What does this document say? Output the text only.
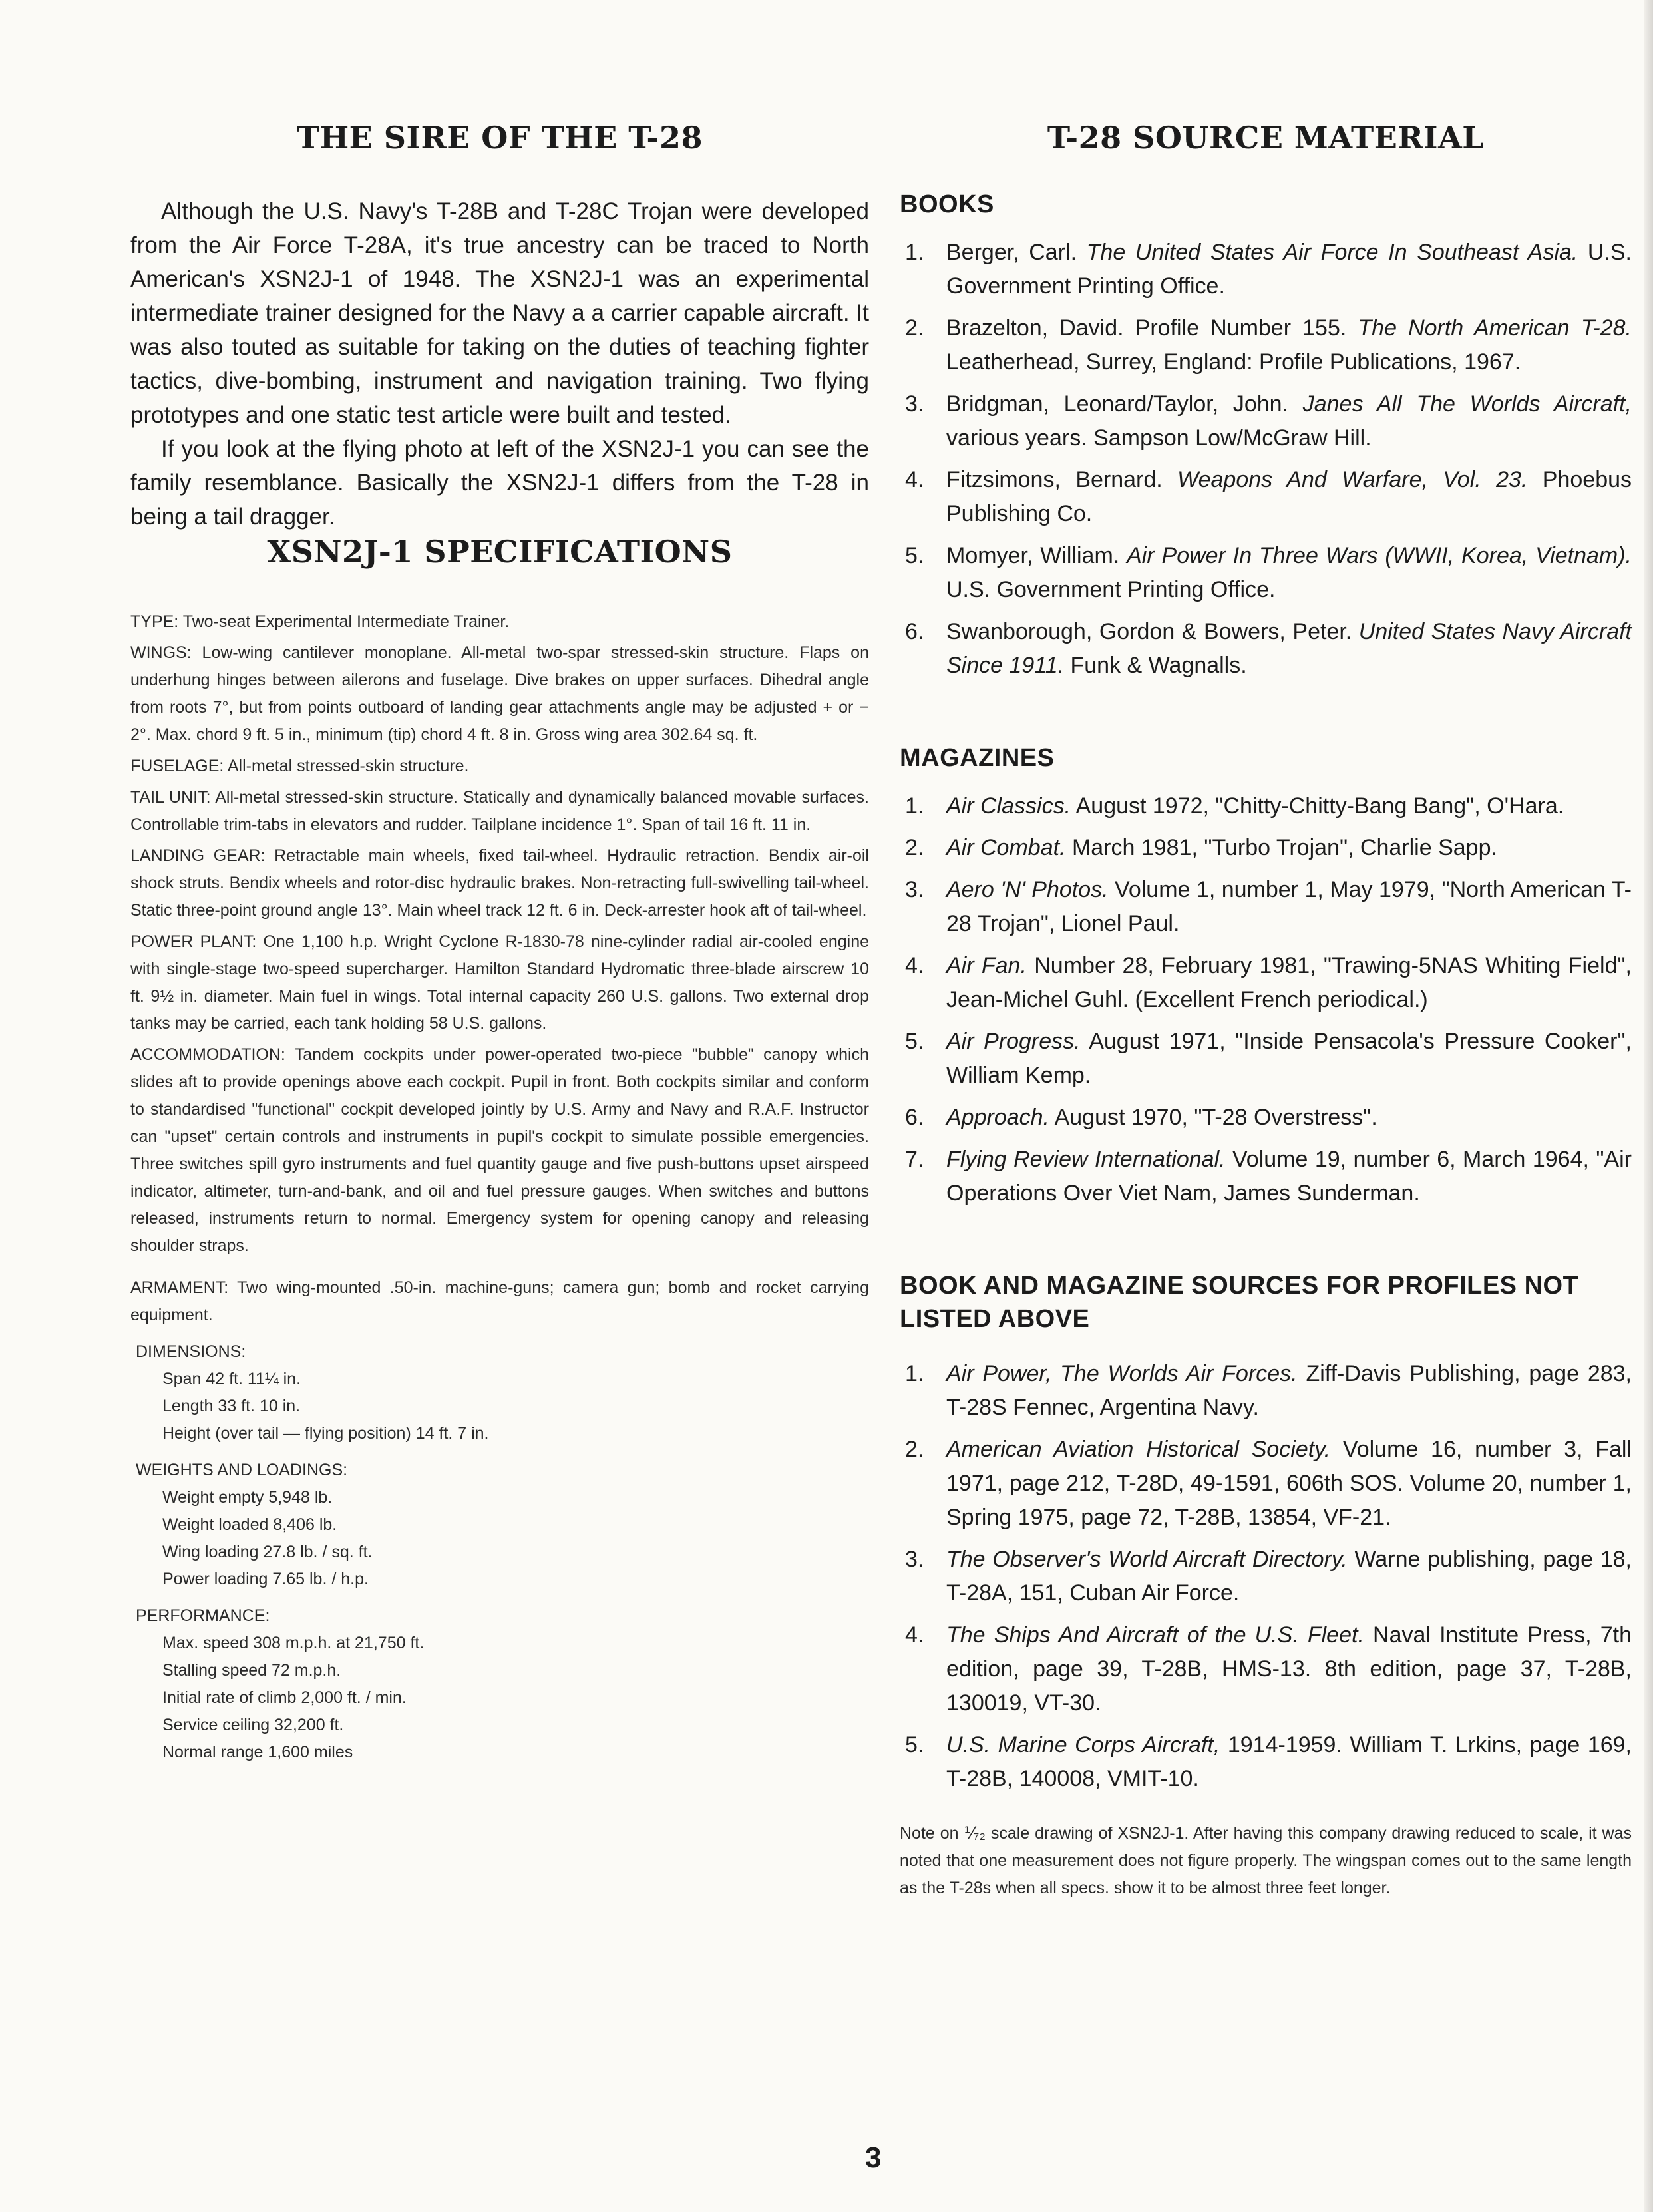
THE SIRE OF THE T-28

Although the U.S. Navy's T-28B and T-28C Trojan were developed from the Air Force T-28A, it's true ancestry can be traced to North American's XSN2J-1 of 1948. The XSN2J-1 was an experimental intermediate trainer designed for the Navy a a carrier capable aircraft. It was also touted as suitable for taking on the duties of teaching fighter tactics, dive-bombing, instrument and navigation training. Two flying prototypes and one static test article were built and tested.

If you look at the flying photo at left of the XSN2J-1 you can see the family resemblance. Basically the XSN2J-1 differs from the T-28 in being a tail dragger.

XSN2J-1 SPECIFICATIONS

TYPE: Two-seat Experimental Intermediate Trainer.

WINGS: Low-wing cantilever monoplane. All-metal two-spar stressed-skin structure. Flaps on underhung hinges between ailerons and fuselage. Dive brakes on upper surfaces. Dihedral angle from roots 7°, but from points outboard of landing gear attachments angle may be adjusted + or − 2°. Max. chord 9 ft. 5 in., minimum (tip) chord 4 ft. 8 in. Gross wing area 302.64 sq. ft.

FUSELAGE: All-metal stressed-skin structure.

TAIL UNIT: All-metal stressed-skin structure. Statically and dynamically balanced movable surfaces. Controllable trim-tabs in elevators and rudder. Tailplane incidence 1°. Span of tail 16 ft. 11 in.

LANDING GEAR: Retractable main wheels, fixed tail-wheel. Hydraulic retraction. Bendix air-oil shock struts. Bendix wheels and rotor-disc hydraulic brakes. Non-retracting full-swivelling tail-wheel. Static three-point ground angle 13°. Main wheel track 12 ft. 6 in. Deck-arrester hook aft of tail-wheel.

POWER PLANT: One 1,100 h.p. Wright Cyclone R-1830-78 nine-cylinder radial air-cooled engine with single-stage two-speed supercharger. Hamilton Standard Hydromatic three-blade airscrew 10 ft. 9½ in. diameter. Main fuel in wings. Total internal capacity 260 U.S. gallons. Two external drop tanks may be carried, each tank holding 58 U.S. gallons.

ACCOMMODATION: Tandem cockpits under power-operated two-piece "bubble" canopy which slides aft to provide openings above each cockpit. Pupil in front. Both cockpits similar and conform to standardised "functional" cockpit developed jointly by U.S. Army and Navy and R.A.F. Instructor can "upset" certain controls and instruments in pupil's cockpit to simulate possible emergencies. Three switches spill gyro instruments and fuel quantity gauge and five push-buttons upset airspeed indicator, altimeter, turn-and-bank, and oil and fuel pressure gauges. When switches and buttons released, instruments return to normal. Emergency system for opening canopy and releasing shoulder straps.

ARMAMENT: Two wing-mounted .50-in. machine-guns; camera gun; bomb and rocket carrying equipment.

DIMENSIONS:

Span 42 ft. 11¼ in.

Length 33 ft. 10 in.

Height (over tail — flying position) 14 ft. 7 in.

WEIGHTS AND LOADINGS:

Weight empty 5,948 lb.

Weight loaded 8,406 lb.

Wing loading 27.8 lb. / sq. ft.

Power loading 7.65 lb. / h.p.

PERFORMANCE:

Max. speed 308 m.p.h. at 21,750 ft.

Stalling speed 72 m.p.h.

Initial rate of climb 2,000 ft. / min.

Service ceiling 32,200 ft.

Normal range 1,600 miles

T-28 SOURCE MATERIAL

BOOKS

1. Berger, Carl. The United States Air Force In Southeast Asia. U.S. Government Printing Office.
2. Brazelton, David. Profile Number 155. The North American T-28. Leatherhead, Surrey, England: Profile Publications, 1967.
3. Bridgman, Leonard/Taylor, John. Janes All The Worlds Aircraft, various years. Sampson Low/McGraw Hill.
4. Fitzsimons, Bernard. Weapons And Warfare, Vol. 23. Phoebus Publishing Co.
5. Momyer, William. Air Power In Three Wars (WWII, Korea, Vietnam). U.S. Government Printing Office.
6. Swanborough, Gordon & Bowers, Peter. United States Navy Aircraft Since 1911. Funk & Wagnalls.

MAGAZINES

1. Air Classics. August 1972, "Chitty-Chitty-Bang Bang", O'Hara.
2. Air Combat. March 1981, "Turbo Trojan", Charlie Sapp.
3. Aero 'N' Photos. Volume 1, number 1, May 1979, "North American T-28 Trojan", Lionel Paul.
4. Air Fan. Number 28, February 1981, "Trawing-5NAS Whiting Field", Jean-Michel Guhl. (Excellent French periodical.)
5. Air Progress. August 1971, "Inside Pensacola's Pressure Cooker", William Kemp.
6. Approach. August 1970, "T-28 Overstress".
7. Flying Review International. Volume 19, number 6, March 1964, "Air Operations Over Viet Nam, James Sunderman.

BOOK AND MAGAZINE SOURCES FOR PROFILES NOT LISTED ABOVE

1. Air Power, The Worlds Air Forces. Ziff-Davis Publishing, page 283, T-28S Fennec, Argentina Navy.
2. American Aviation Historical Society. Volume 16, number 3, Fall 1971, page 212, T-28D, 49-1591, 606th SOS. Volume 20, number 1, Spring 1975, page 72, T-28B, 13854, VF-21.
3. The Observer's World Aircraft Directory. Warne publishing, page 18, T-28A, 151, Cuban Air Force.
4. The Ships And Aircraft of the U.S. Fleet. Naval Institute Press, 7th edition, page 39, T-28B, HMS-13. 8th edition, page 37, T-28B, 130019, VT-30.
5. U.S. Marine Corps Aircraft, 1914-1959. William T. Lrkins, page 169, T-28B, 140008, VMIT-10.

Note on ⅟₇₂ scale drawing of XSN2J-1. After having this company drawing reduced to scale, it was noted that one measurement does not figure properly. The wingspan comes out to the same length as the T-28s when all specs. show it to be almost three feet longer.

3
